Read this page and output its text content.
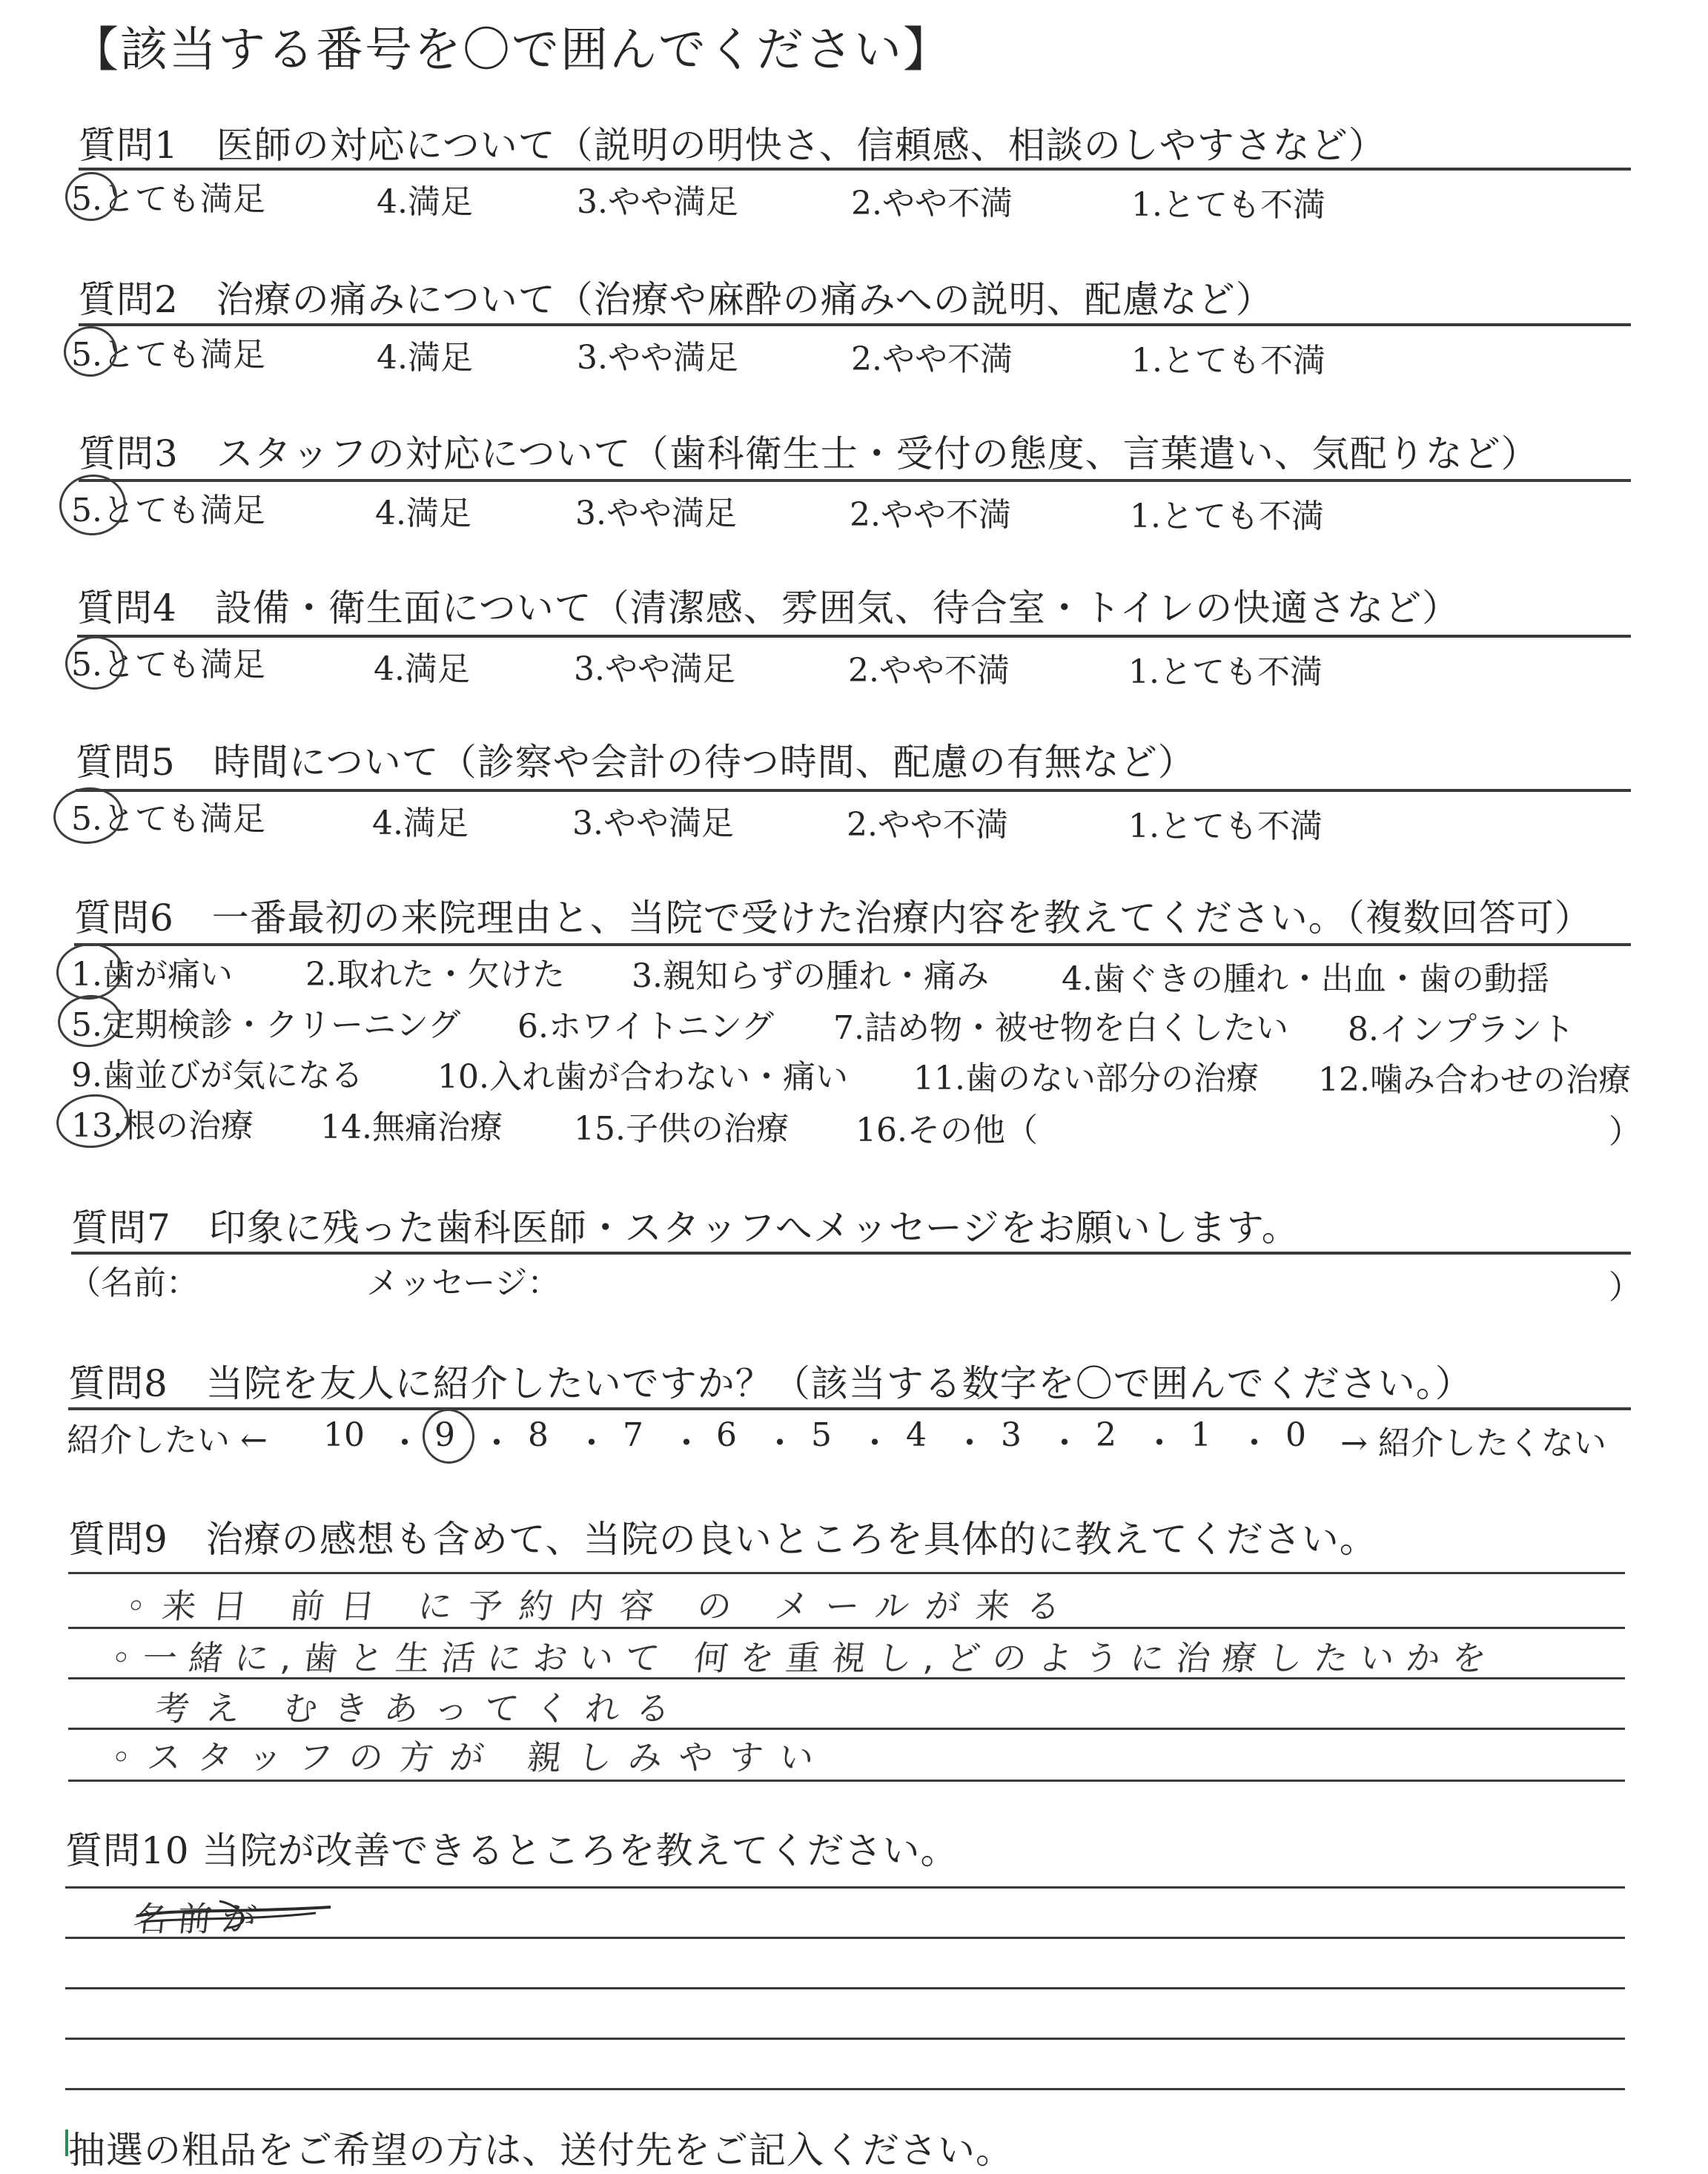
【該当する番号を〇で囲んでください】
質問1　医師の対応について（説明の明快さ、信頼感、相談のしやすさなど）
5.とても満足	4.満足	3.やや満足	2.やや不満	1.とても不満
質問2　治療の痛みについて（治療や麻酔の痛みへの説明、配慮など）
5.とても満足	4.満足	3.やや満足	2.やや不満	1.とても不満
質問3　スタッフの対応について（歯科衛生士・受付の態度、言葉遣い、気配りなど）
5.とても満足	4.満足	3.やや満足	2.やや不満	1.とても不満
質問4　設備・衛生面について（清潔感、雰囲気、待合室・トイレの快適さなど）
5.とても満足	4.満足	3.やや満足	2.やや不満	1.とても不満
質問5　時間について（診察や会計の待つ時間、配慮の有無など）
5.とても満足	4.満足	3.やや満足	2.やや不満	1.とても不満
質問6　一番最初の来院理由と、当院で受けた治療内容を教えてください。（複数回答可）
1.歯が痛い 2.取れた・欠けた 3.親知らずの腫れ・痛み 4.歯ぐきの腫れ・出血・歯の動揺
5.定期検診・クリーニング 6.ホワイトニング 7.詰め物・被せ物を白くしたい 8.インプラント
9.歯並びが気になる 10.入れ歯が合わない・痛い 11.歯のない部分の治療 12.噛み合わせの治療
13.根の治療 14.無痛治療 15.子供の治療 16.その他（	）
質問7　印象に残った歯科医師・スタッフへメッセージをお願いします。
（名前：	メッセージ：	）
質問8　当院を友人に紹介したいですか？（該当する数字を〇で囲んでください。）
紹介したい ← 10 ・ 9 ・ 8 ・ 7 ・ 6 ・ 5 ・ 4 ・ 3 ・ 2 ・ 1 ・ 0 → 紹介したくない
質問9　治療の感想も含めて、当院の良いところを具体的に教えてください。
◦来日 前日 に予約内容 の メールが来る
◦一緒に,歯と生活において 何を重視し,どのように治療したいかを
考え むきあってくれる
◦スタッフの方が 親しみやすい
質問10 当院が改善できるところを教えてください。
名前が
抽選の粗品をご希望の方は、送付先をご記入ください。
